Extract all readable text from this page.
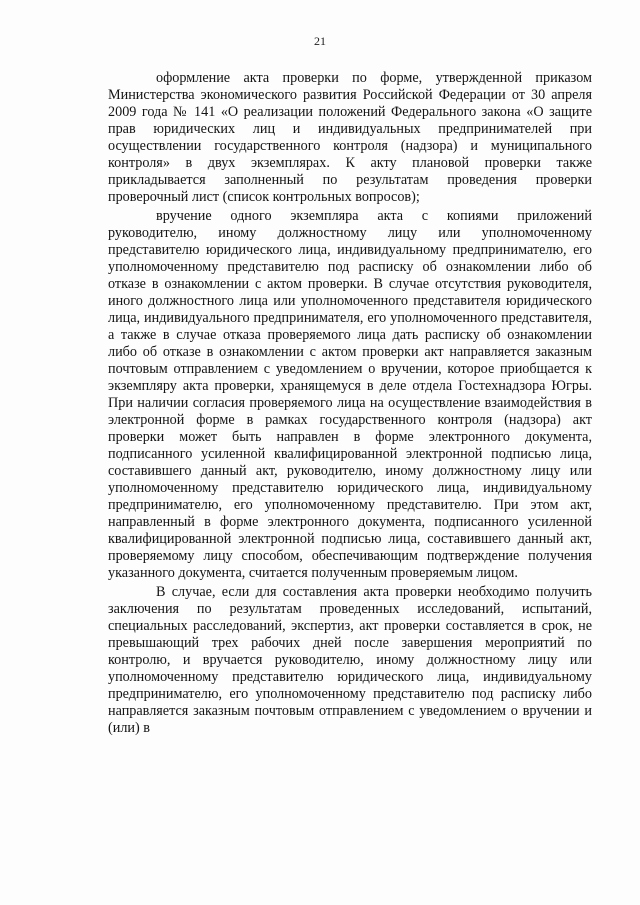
21

оформление акта проверки по форме, утвержденной приказом Министерства экономического развития Российской Федерации от 30 апреля 2009 года № 141 «О реализации положений Федерального закона «О защите прав юридических лиц и индивидуальных предпринимателей при осуществлении государственного контроля (надзора) и муниципального контроля» в двух экземплярах. К акту плановой проверки также прикладывается заполненный по результатам проведения проверки проверочный лист (список контрольных вопросов);

вручение одного экземпляра акта с копиями приложений руководителю, иному должностному лицу или уполномоченному представителю юридического лица, индивидуальному предпринимателю, его уполномоченному представителю под расписку об ознакомлении либо об отказе в ознакомлении с актом проверки. В случае отсутствия руководителя, иного должностного лица или уполномоченного представителя юридического лица, индивидуального предпринимателя, его уполномоченного представителя, а также в случае отказа проверяемого лица дать расписку об ознакомлении либо об отказе в ознакомлении с актом проверки акт направляется заказным почтовым отправлением с уведомлением о вручении, которое приобщается к экземпляру акта проверки, хранящемуся в деле отдела Гостехнадзора Югры. При наличии согласия проверяемого лица на осуществление взаимодействия в электронной форме в рамках государственного контроля (надзора) акт проверки может быть направлен в форме электронного документа, подписанного усиленной квалифицированной электронной подписью лица, составившего данный акт, руководителю, иному должностному лицу или уполномоченному представителю юридического лица, индивидуальному предпринимателю, его уполномоченному представителю. При этом акт, направленный в форме электронного документа, подписанного усиленной квалифицированной электронной подписью лица, составившего данный акт, проверяемому лицу способом, обеспечивающим подтверждение получения указанного документа, считается полученным проверяемым лицом.

В случае, если для составления акта проверки необходимо получить заключения по результатам проведенных исследований, испытаний, специальных расследований, экспертиз, акт проверки составляется в срок, не превышающий трех рабочих дней после завершения мероприятий по контролю, и вручается руководителю, иному должностному лицу или уполномоченному представителю юридического лица, индивидуальному предпринимателю, его уполномоченному представителю под расписку либо направляется заказным почтовым отправлением с уведомлением о вручении и (или) в
